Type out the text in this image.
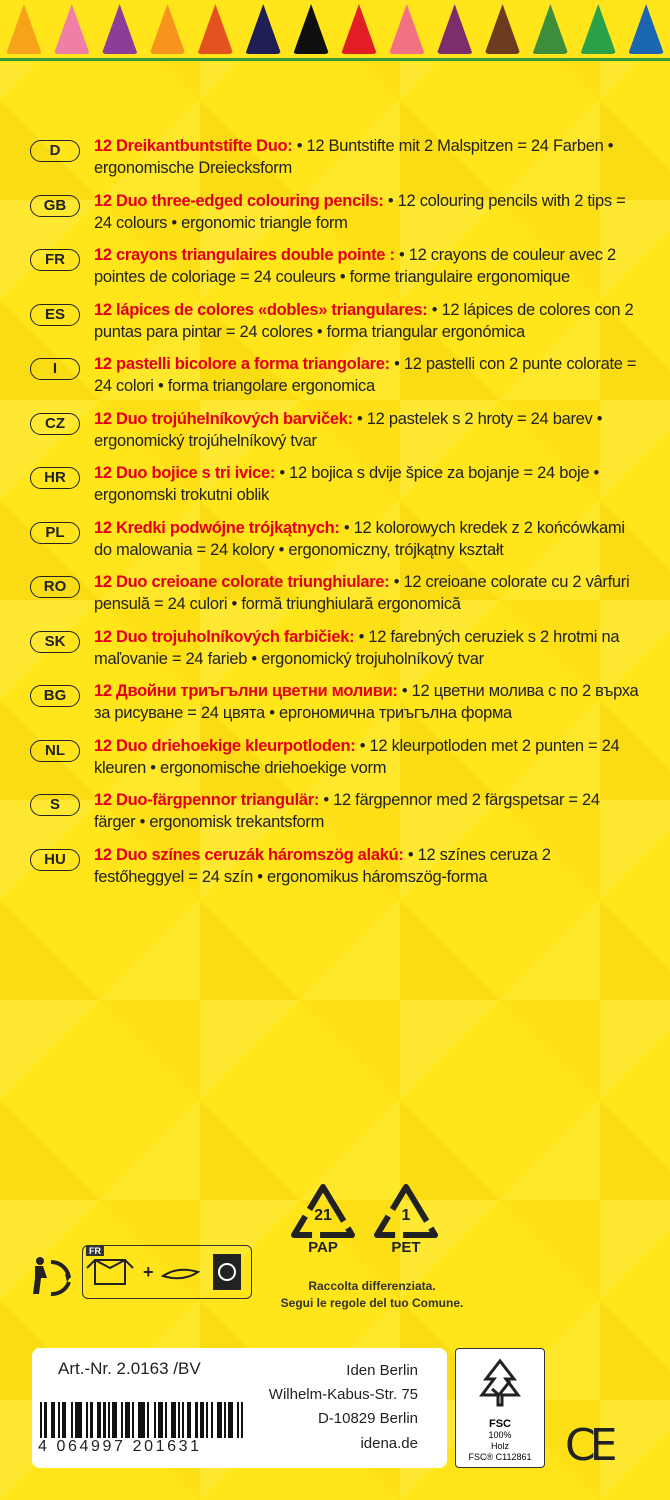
D	12 Dreikantbuntstifte Duo: • 12 Buntstifte mit 2 Malspitzen = 24 Farben • ergonomische Dreiecksform
GB	12 Duo three-edged colouring pencils: • 12 colouring pencils with 2 tips = 24 colours • ergonomic triangle form
FR	12 crayons triangulaires double pointe : • 12 crayons de couleur avec 2 pointes de coloriage = 24 couleurs • forme triangulaire ergonomique
ES	12 lápices de colores «dobles» triangulares: • 12 lápices de colores con 2 puntas para pintar = 24 colores • forma triangular ergonómica
I	12 pastelli bicolore a forma triangolare: • 12 pastelli con 2 punte colorate = 24 colori • forma triangolare ergonomica
CZ	12 Duo trojúhelníkových barviček: • 12 pastelek s 2 hroty = 24 barev • ergonomický trojúhelníkový tvar
HR	12 Duo bojice s tri ivice: • 12 bojica s dvije špice za bojanje = 24 boje • ergonomski trokutni oblik
PL	12 Kredki podwójne trójkątnych: • 12 kolorowych kredek z 2 końcówkami do malowania = 24 kolory • ergonomiczny, trójkątny kształt
RO	12 Duo creioane colorate triunghiulare: • 12 creioane colorate cu 2 vârfuri pensulă = 24 culori • formă triunghiulară ergonomică
SK	12 Duo trojuholníkových farbičiek: • 12 farebných ceruziek s 2 hrotmi na maľovanie = 24 farieb • ergonomický trojuholníkový tvar
BG	12 Двойни триъгълни цветни моливи: • 12 цветни молива с по 2 върха за рисуване = 24 цвята • ергономична триъгълна форма
NL	12 Duo driehoekige kleurpotloden: • 12 kleurpotloden met 2 punten = 24 kleuren • ergonomische driehoekige vorm
S	12 Duo-färgpennor triangulär: • 12 färgpennor med 2 färgspetsar = 24 färger • ergonomisk trekantsform
HU	12 Duo színes ceruzák háromszög alakú: • 12 színes ceruza 2 festőheggyel = 24 szín • ergonomikus háromszög-forma
+
FR
21
PAP
1
PET
Raccolta differenziata.
Segui le regole del tuo Comune.
Art.-Nr. 2.0163 /BV	Iden Berlin
Wilhelm-Kabus-Str. 75
D-10829 Berlin
4 064997 201631	idena.de
FSC
100%
Holz
FSC® C112861 CE
